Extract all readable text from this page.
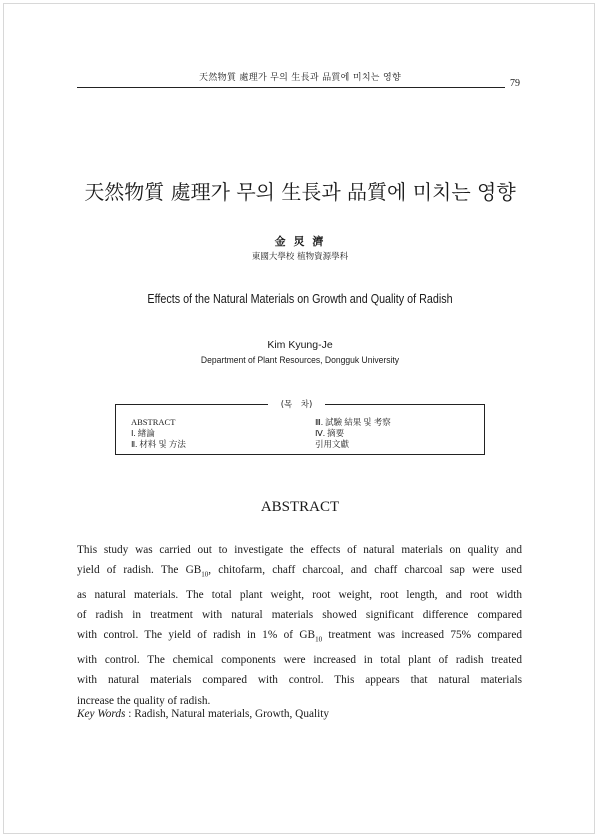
天然物質 處理가 무의 生長과 品質에 미치는 영향	79
天然物質 處理가 무의 生長과 品質에 미치는 영향
金 炅 濟
東國大學校 植物資源學科
Effects of the Natural Materials on Growth and Quality of Radish
Kim Kyung-Je
Department of Plant Resources, Dongguk University
(목　차)
ABSTRACT
Ⅰ. 緖論
Ⅱ. 材料 및 方法
Ⅲ. 試驗 結果 및 考察
Ⅳ. 摘要
引用文獻
ABSTRACT
This study was carried out to investigate the effects of natural materials on quality and
yield of radish. The $GB_{10}$, chitofarm, chaff charcoal, and chaff charcoal sap were used
as natural materials. The total plant weight, root weight, root length, and root width
of radish in treatment with natural materials showed significant difference compared
with control. The yield of radish in 1% of $GB_{10}$ treatment was increased 75% compared
with control. The chemical components were increased in total plant of radish treated
with natural materials compared with control. This appears that natural materials
increase the quality of radish.
Key Words : Radish, Natural materials, Growth, Quality
